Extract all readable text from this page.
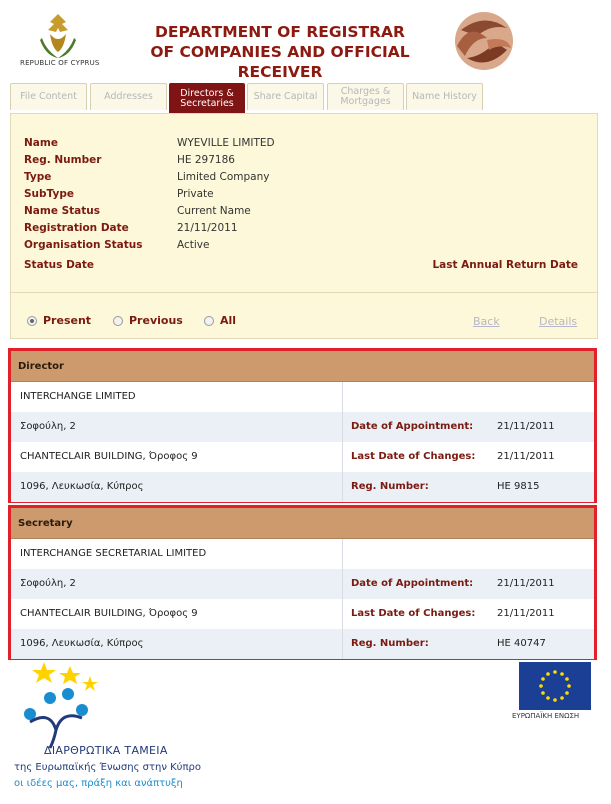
REPUBLIC OF CYPRUS
DEPARTMENT OF REGISTRAR
OF COMPANIES AND OFFICIAL RECEIVER
File Content	Addresses	Directors & Secretaries
Share Capital	Charges & Mortgages	Name History
Name	WYEVILLE LIMITED
Reg. Number	HE 297186
Type	Limited Company
SubType	Private
Name Status	Current Name
Registration Date	21/11/2011
Organisation Status	Active
Status Date	Last Annual Return Date
Present	Previous	All	Back	Details
Director
INTERCHANGE LIMITED
Σοφούλη, 2	Date of Appointment: 21/11/2011
CHANTECLAIR BUILDING, Όροφος 9	Last Date of Changes: 21/11/2011
1096, Λευκωσία, Κύπρος	Reg. Number:	HE 9815
Secretary
INTERCHANGE SECRETARIAL LIMITED
Σοφούλη, 2	Date of Appointment: 21/11/2011
CHANTECLAIR BUILDING, Όροφος 9	Last Date of Changes: 21/11/2011
1096, Λευκωσία, Κύπρος	Reg. Number:	HE 40747
ΔΙΑΡΘΡΩΤΙΚΑ ΤΑΜΕΙΑ
της Ευρωπαϊκής Ένωσης στην Κύπρο
οι ιδέες μας, πράξη και ανάπτυξη
ΕΥΡΩΠΑΪΚΗ ΕΝΩΣΗ
